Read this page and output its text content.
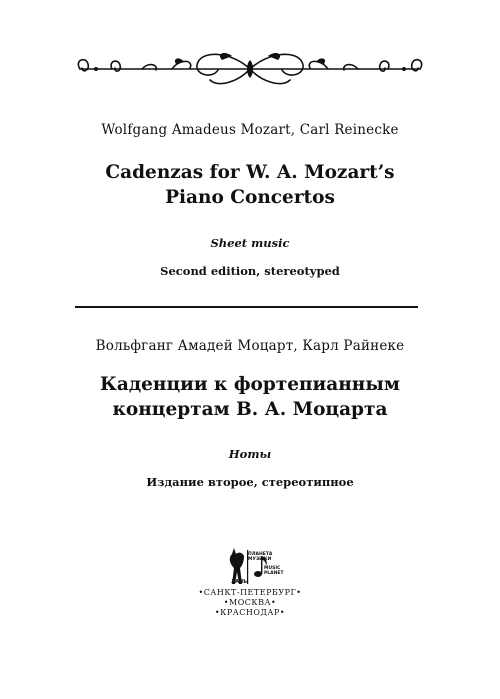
Wolfgang Amadeus Mozart, Carl Reinecke
Cadenzas for W. A. Mozart’s
Piano Concertos
Sheet music
Second edition, stereotyped
Вольфганг Амадей Моцарт, Карл Райнеке
Каденции к фортепианным
концертам В. А. Моцарта
Ноты
Издание второе, стереотипное
ПЛАНЕТА
МУЗЫКИ
MUSIC
PLANET
ЛАНЬ
•САНКТ-ПЕТЕРБУРГ•
•МОСКВА•
•КРАСНОДАР•
